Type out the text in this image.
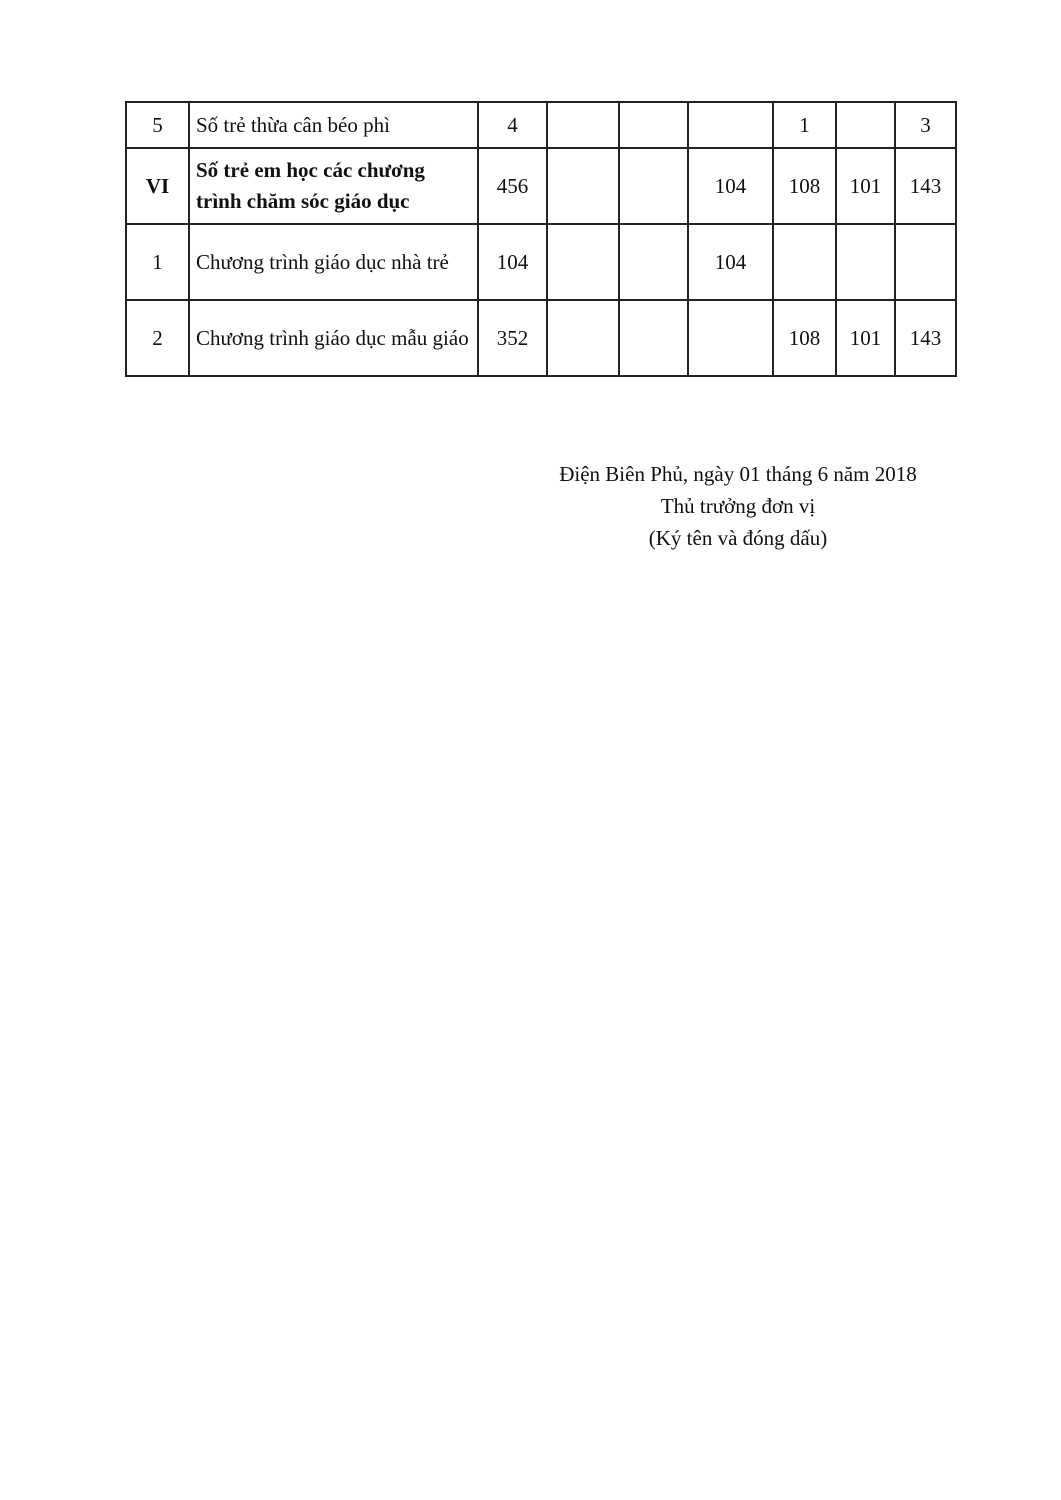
5	Số trẻ thừa cân béo phì	4				1		3
VI	Số trẻ em học các chương trình chăm sóc giáo dục	456			104	108	101	143
1	Chương trình giáo dục nhà trẻ	104			104			
2	Chương trình giáo dục mẫu giáo	352				108	101	143
Điện Biên Phủ, ngày 01 tháng 6 năm 2018
Thủ trưởng đơn vị
(Ký tên và đóng dấu)
